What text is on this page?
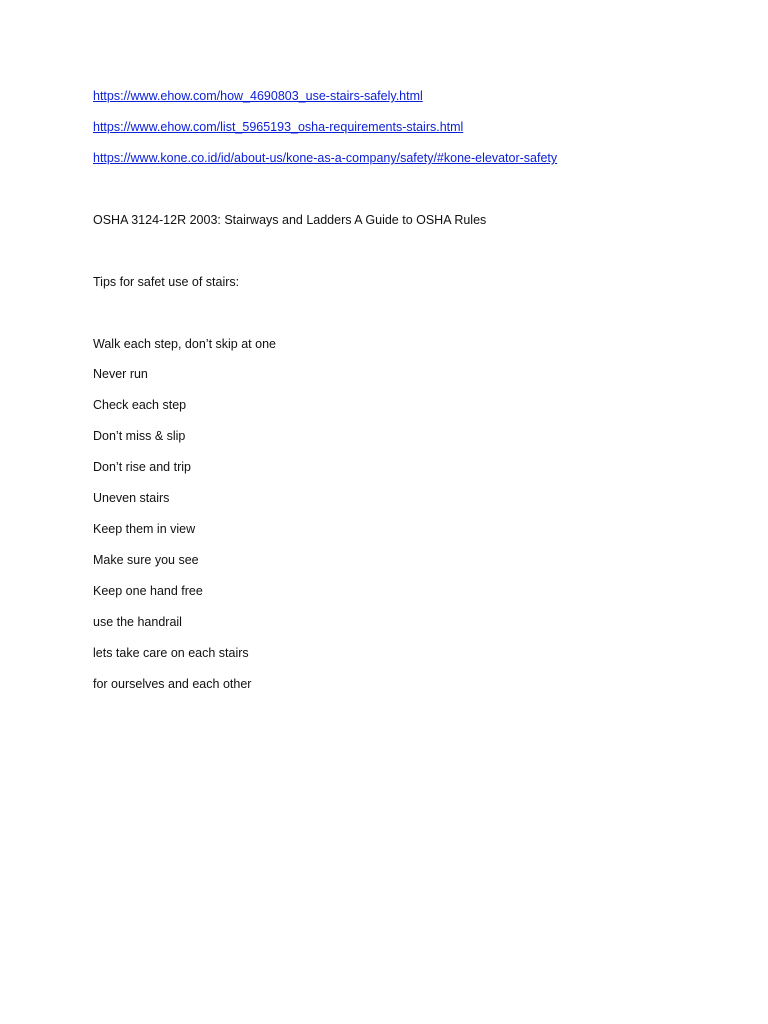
https://www.ehow.com/how_4690803_use-stairs-safely.html
https://www.ehow.com/list_5965193_osha-requirements-stairs.html
https://www.kone.co.id/id/about-us/kone-as-a-company/safety/#kone-elevator-safety
OSHA 3124-12R 2003: Stairways and Ladders A Guide to OSHA Rules
Tips for safet use of stairs:
Walk each step, don’t skip at one
Never run
Check each step
Don’t miss & slip
Don’t rise and trip
Uneven stairs
Keep them in view
Make sure you see
Keep one hand free
use the handrail
lets take care on each stairs
for ourselves and each other
